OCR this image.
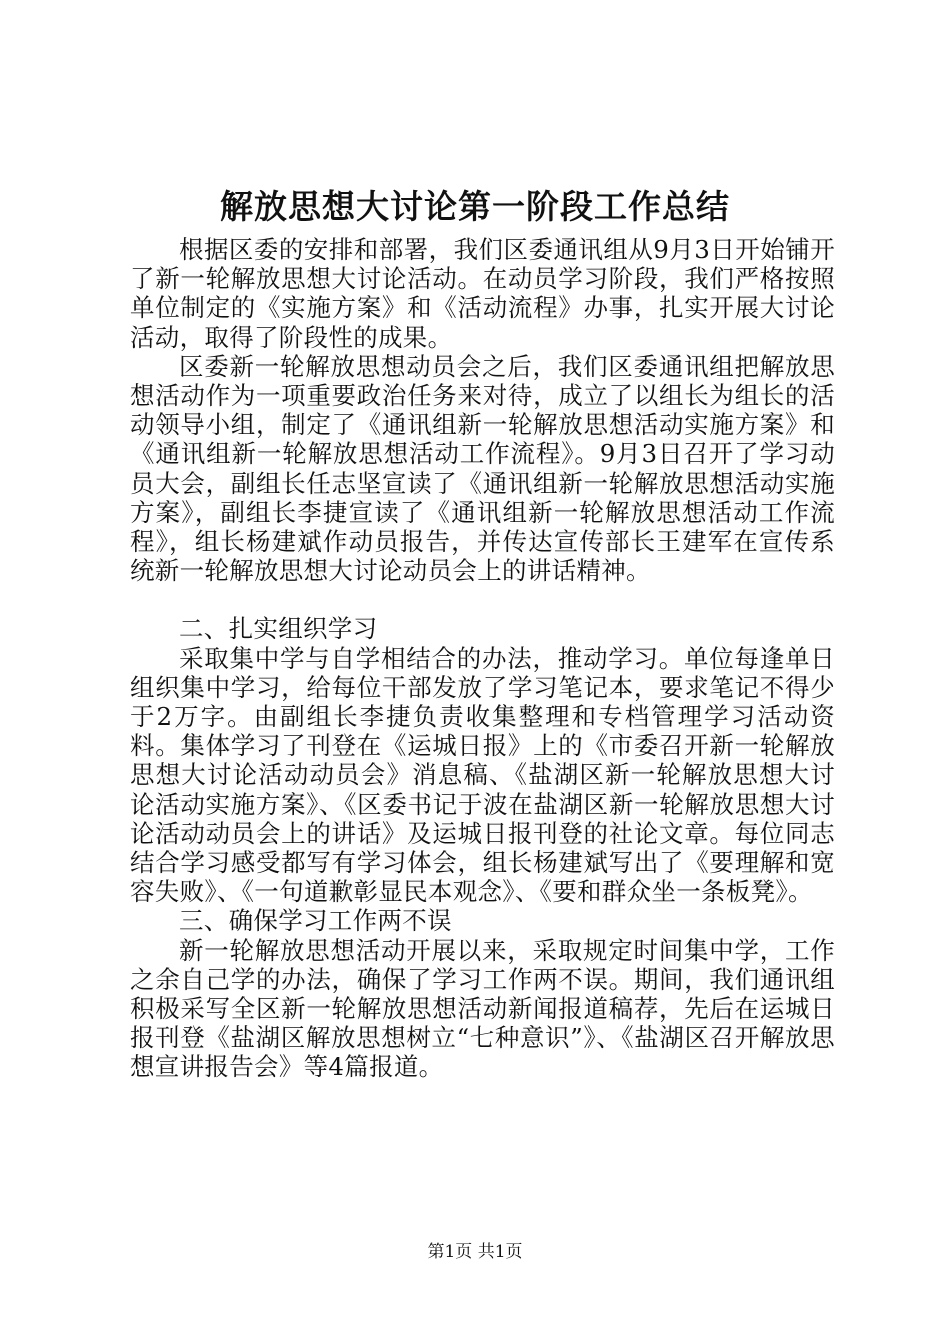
解放思想大讨论第一阶段工作总结

根据区委的安排和部署，我们区委通讯组从9月3日开始铺开了新一轮解放思想大讨论活动。在动员学习阶段，我们严格按照单位制定的《实施方案》和《活动流程》办事，扎实开展大讨论活动，取得了阶段性的成果。

区委新一轮解放思想动员会之后，我们区委通讯组把解放思想活动作为一项重要政治任务来对待，成立了以组长为组长的活动领导小组，制定了《通讯组新一轮解放思想活动实施方案》和《通讯组新一轮解放思想活动工作流程》。9月3日召开了学习动员大会，副组长任志坚宣读了《通讯组新一轮解放思想活动实施方案》，副组长李捷宣读了《通讯组新一轮解放思想活动工作流程》，组长杨建斌作动员报告，并传达宣传部长王建军在宣传系统新一轮解放思想大讨论动员会上的讲话精神。

二、扎实组织学习

采取集中学与自学相结合的办法，推动学习。单位每逢单日组织集中学习，给每位干部发放了学习笔记本，要求笔记不得少于2万字。由副组长李捷负责收集整理和专档管理学习活动资料。集体学习了刊登在《运城日报》上的《市委召开新一轮解放思想大讨论活动动员会》消息稿、《盐湖区新一轮解放思想大讨论活动实施方案》、《区委书记于波在盐湖区新一轮解放思想大讨论活动动员会上的讲话》及运城日报刊登的社论文章。每位同志结合学习感受都写有学习体会，组长杨建斌写出了《要理解和宽容失败》、《一句道歉彰显民本观念》、《要和群众坐一条板凳》。

三、确保学习工作两不误

新一轮解放思想活动开展以来，采取规定时间集中学，工作之余自己学的办法，确保了学习工作两不误。期间，我们通讯组积极采写全区新一轮解放思想活动新闻报道稿荐，先后在运城日报刊登《盐湖区解放思想树立“七种意识”》、《盐湖区召开解放思想宣讲报告会》等4篇报道。

第1页 共1页
